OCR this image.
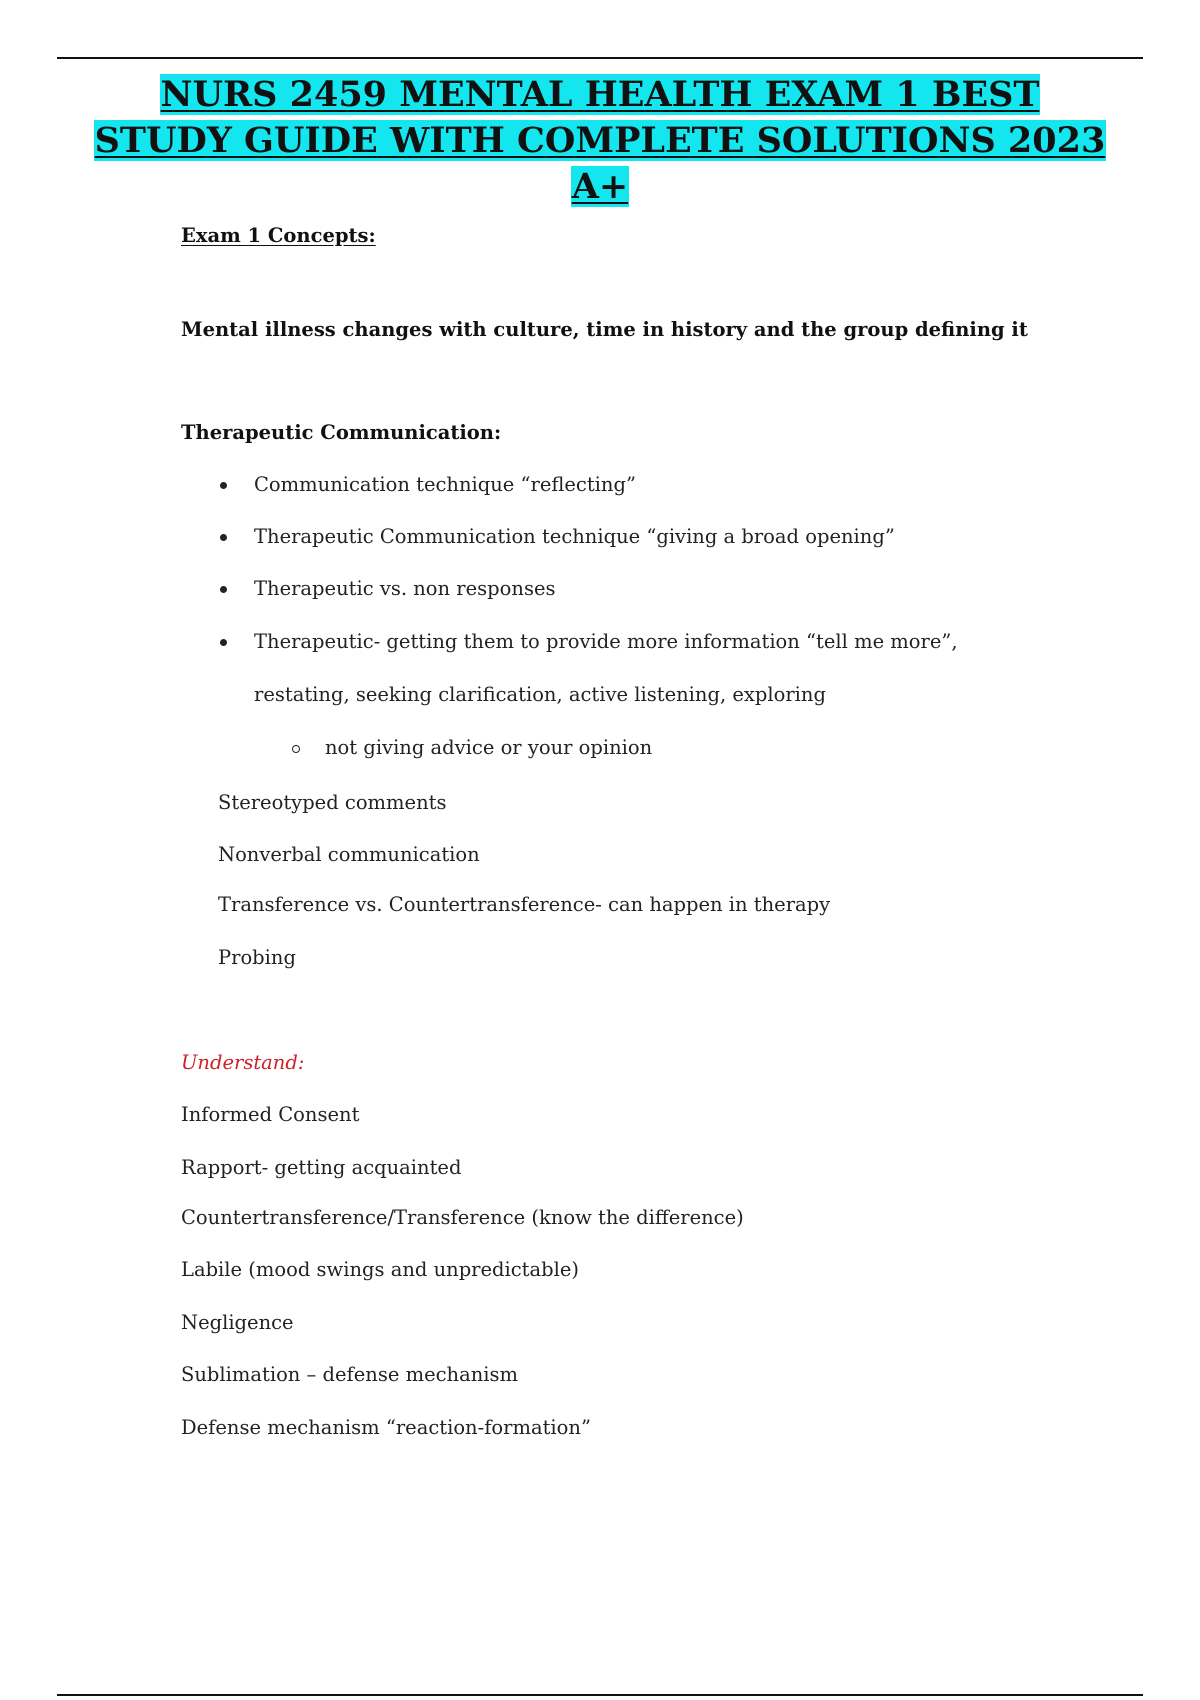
NURS 2459 MENTAL HEALTH EXAM 1 BEST
STUDY GUIDE WITH COMPLETE SOLUTIONS 2023
A+
Exam 1 Concepts:
Mental illness changes with culture, time in history and the group defining it
Therapeutic Communication:
Communication technique “reflecting”
Therapeutic Communication technique “giving a broad opening”
Therapeutic vs. non responses
Therapeutic- getting them to provide more information “tell me more”,
restating, seeking clarification, active listening, exploring
not giving advice or your opinion
Stereotyped comments
Nonverbal communication
Transference vs. Countertransference- can happen in therapy
Probing
Understand:
Informed Consent
Rapport- getting acquainted
Countertransference/Transference (know the difference)
Labile (mood swings and unpredictable)
Negligence
Sublimation – defense mechanism
Defense mechanism “reaction-formation”
